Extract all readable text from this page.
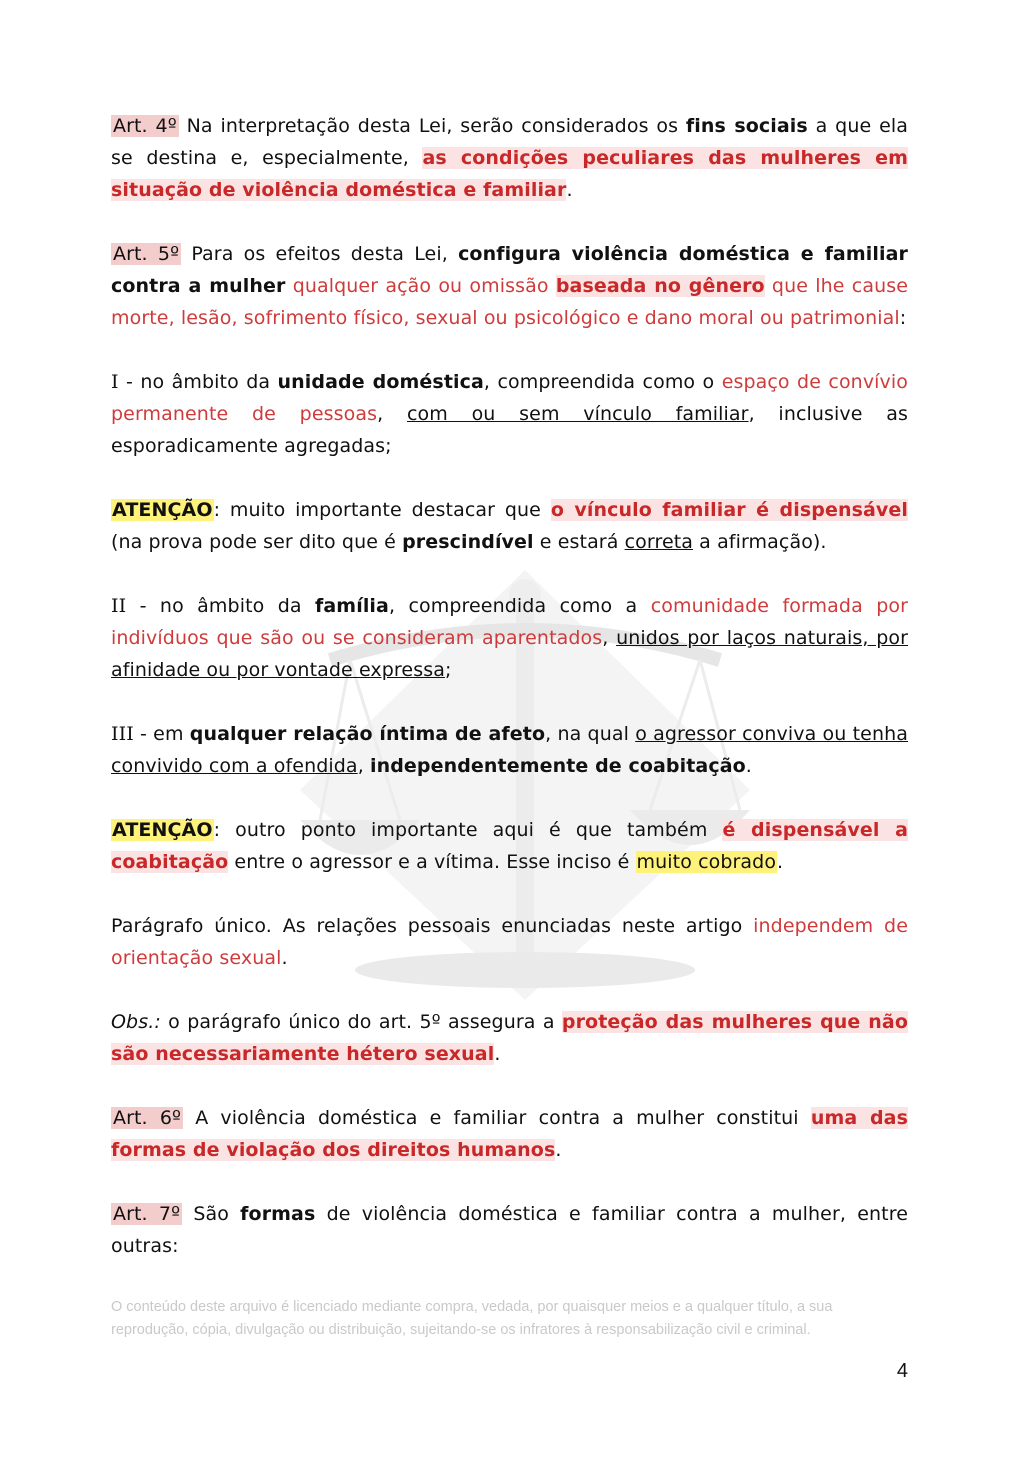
Art. 4º Na interpretação desta Lei, serão considerados os fins sociais a que ela se destina e, especialmente, as condições peculiares das mulheres em situação de violência doméstica e familiar.

Art. 5º Para os efeitos desta Lei, configura violência doméstica e familiar contra a mulher qualquer ação ou omissão baseada no gênero que lhe cause morte, lesão, sofrimento físico, sexual ou psicológico e dano moral ou patrimonial:

I - no âmbito da unidade doméstica, compreendida como o espaço de convívio permanente de pessoas, com ou sem vínculo familiar, inclusive as esporadicamente agregadas;

ATENÇÃO: muito importante destacar que o vínculo familiar é dispensável (na prova pode ser dito que é prescindível e estará correta a afirmação).

II - no âmbito da família, compreendida como a comunidade formada por indivíduos que são ou se consideram aparentados, unidos por laços naturais, por afinidade ou por vontade expressa;

III - em qualquer relação íntima de afeto, na qual o agressor conviva ou tenha convivido com a ofendida, independentemente de coabitação.

ATENÇÃO: outro ponto importante aqui é que também é dispensável a coabitação entre o agressor e a vítima. Esse inciso é muito cobrado.

Parágrafo único. As relações pessoais enunciadas neste artigo independem de orientação sexual.

Obs.: o parágrafo único do art. 5º assegura a proteção das mulheres que não são necessariamente hétero sexual.

Art. 6º A violência doméstica e familiar contra a mulher constitui uma das formas de violação dos direitos humanos.

Art. 7º São formas de violência doméstica e familiar contra a mulher, entre outras:

O conteúdo deste arquivo é licenciado mediante compra, vedada, por quaisquer meios e a qualquer título, a sua
reprodução, cópia, divulgação ou distribuição, sujeitando-se os infratores à responsabilização civil e criminal.
4
